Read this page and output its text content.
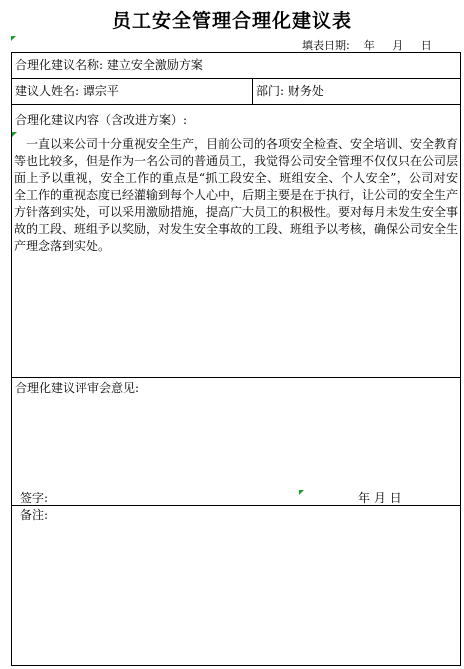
员工安全管理合理化建议表
填表日期: 年 月 日
合理化建议名称: 建立安全激励方案
建议人姓名: 谭宗平	部门: 财务处
合理化建议内容（含改进方案）:
一直以来公司十分重视安全生产，目前公司的各项安全检查、安全培训、安全教育等也比较多，但是作为一名公司的普通员工，我觉得公司安全管理不仅仅只在公司层面上予以重视，安全工作的重点是“抓工段安全、班组安全、个人安全”，公司对安全工作的重视态度已经灌输到每个人心中，后期主要是在于执行，让公司的安全生产方针落到实处，可以采用激励措施，提高广大员工的积极性。要对每月未发生安全事故的工段、班组予以奖励，对发生安全事故的工段、班组予以考核，确保公司安全生产理念落到实处。
合理化建议评审会意见:
签字:	年 月 日
备注:
